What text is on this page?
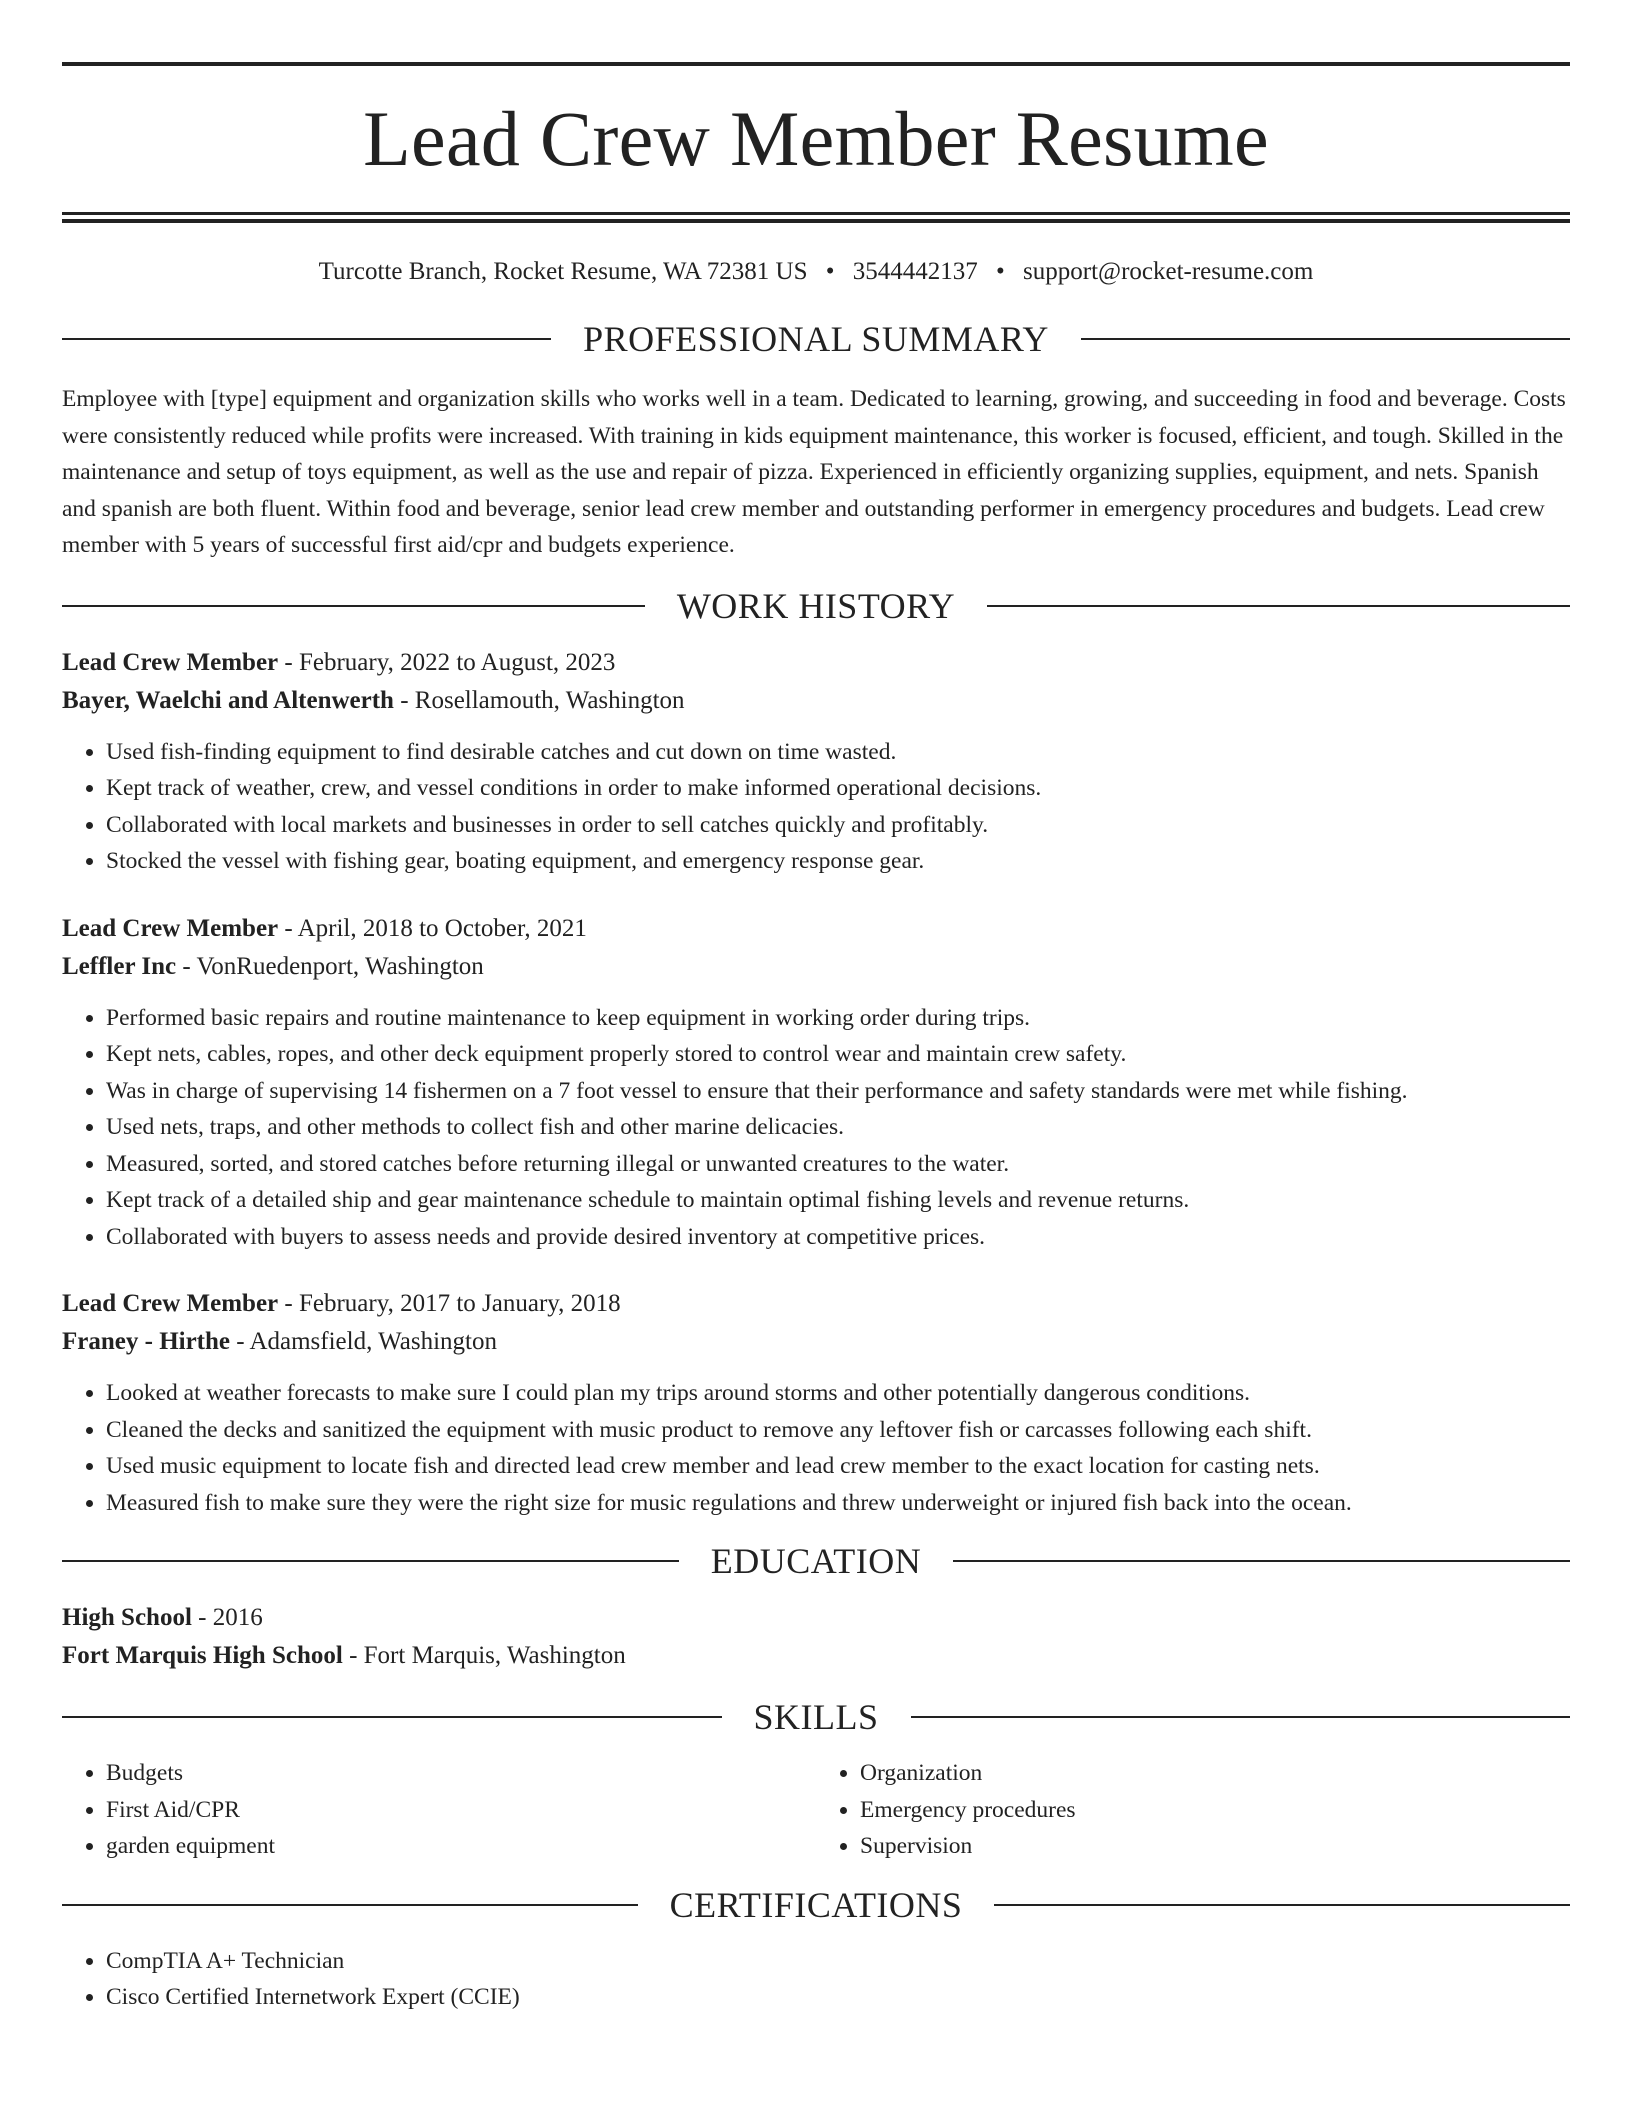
Lead Crew Member Resume
Turcotte Branch, Rocket Resume, WA 72381 US • 3544442137 • support@rocket-resume.com
PROFESSIONAL SUMMARY

Employee with [type] equipment and organization skills who works well in a team. Dedicated to learning, growing, and succeeding in food and beverage. Costs were consistently reduced while profits were increased. With training in kids equipment maintenance, this worker is focused, efficient, and tough. Skilled in the maintenance and setup of toys equipment, as well as the use and repair of pizza. Experienced in efficiently organizing supplies, equipment, and nets. Spanish and spanish are both fluent. Within food and beverage, senior lead crew member and outstanding performer in emergency procedures and budgets. Lead crew member with 5 years of successful first aid/cpr and budgets experience.

WORK HISTORY
Lead Crew Member - February, 2022 to August, 2023
Bayer, Waelchi and Altenwerth - Rosellamouth, Washington
• Used fish-finding equipment to find desirable catches and cut down on time wasted.
• Kept track of weather, crew, and vessel conditions in order to make informed operational decisions.
• Collaborated with local markets and businesses in order to sell catches quickly and profitably.
• Stocked the vessel with fishing gear, boating equipment, and emergency response gear.
Lead Crew Member - April, 2018 to October, 2021
Leffler Inc - VonRuedenport, Washington
• Performed basic repairs and routine maintenance to keep equipment in working order during trips.
• Kept nets, cables, ropes, and other deck equipment properly stored to control wear and maintain crew safety.
• Was in charge of supervising 14 fishermen on a 7 foot vessel to ensure that their performance and safety standards were met while fishing.
• Used nets, traps, and other methods to collect fish and other marine delicacies.
• Measured, sorted, and stored catches before returning illegal or unwanted creatures to the water.
• Kept track of a detailed ship and gear maintenance schedule to maintain optimal fishing levels and revenue returns.
• Collaborated with buyers to assess needs and provide desired inventory at competitive prices.
Lead Crew Member - February, 2017 to January, 2018
Franey - Hirthe - Adamsfield, Washington
• Looked at weather forecasts to make sure I could plan my trips around storms and other potentially dangerous conditions.
• Cleaned the decks and sanitized the equipment with music product to remove any leftover fish or carcasses following each shift.
• Used music equipment to locate fish and directed lead crew member and lead crew member to the exact location for casting nets.
• Measured fish to make sure they were the right size for music regulations and threw underweight or injured fish back into the ocean.
EDUCATION
High School - 2016
Fort Marquis High School - Fort Marquis, Washington
SKILLS
• Budgets
• First Aid/CPR
• garden equipment
• Organization
• Emergency procedures
• Supervision
CERTIFICATIONS
• CompTIA A+ Technician
• Cisco Certified Internetwork Expert (CCIE)
